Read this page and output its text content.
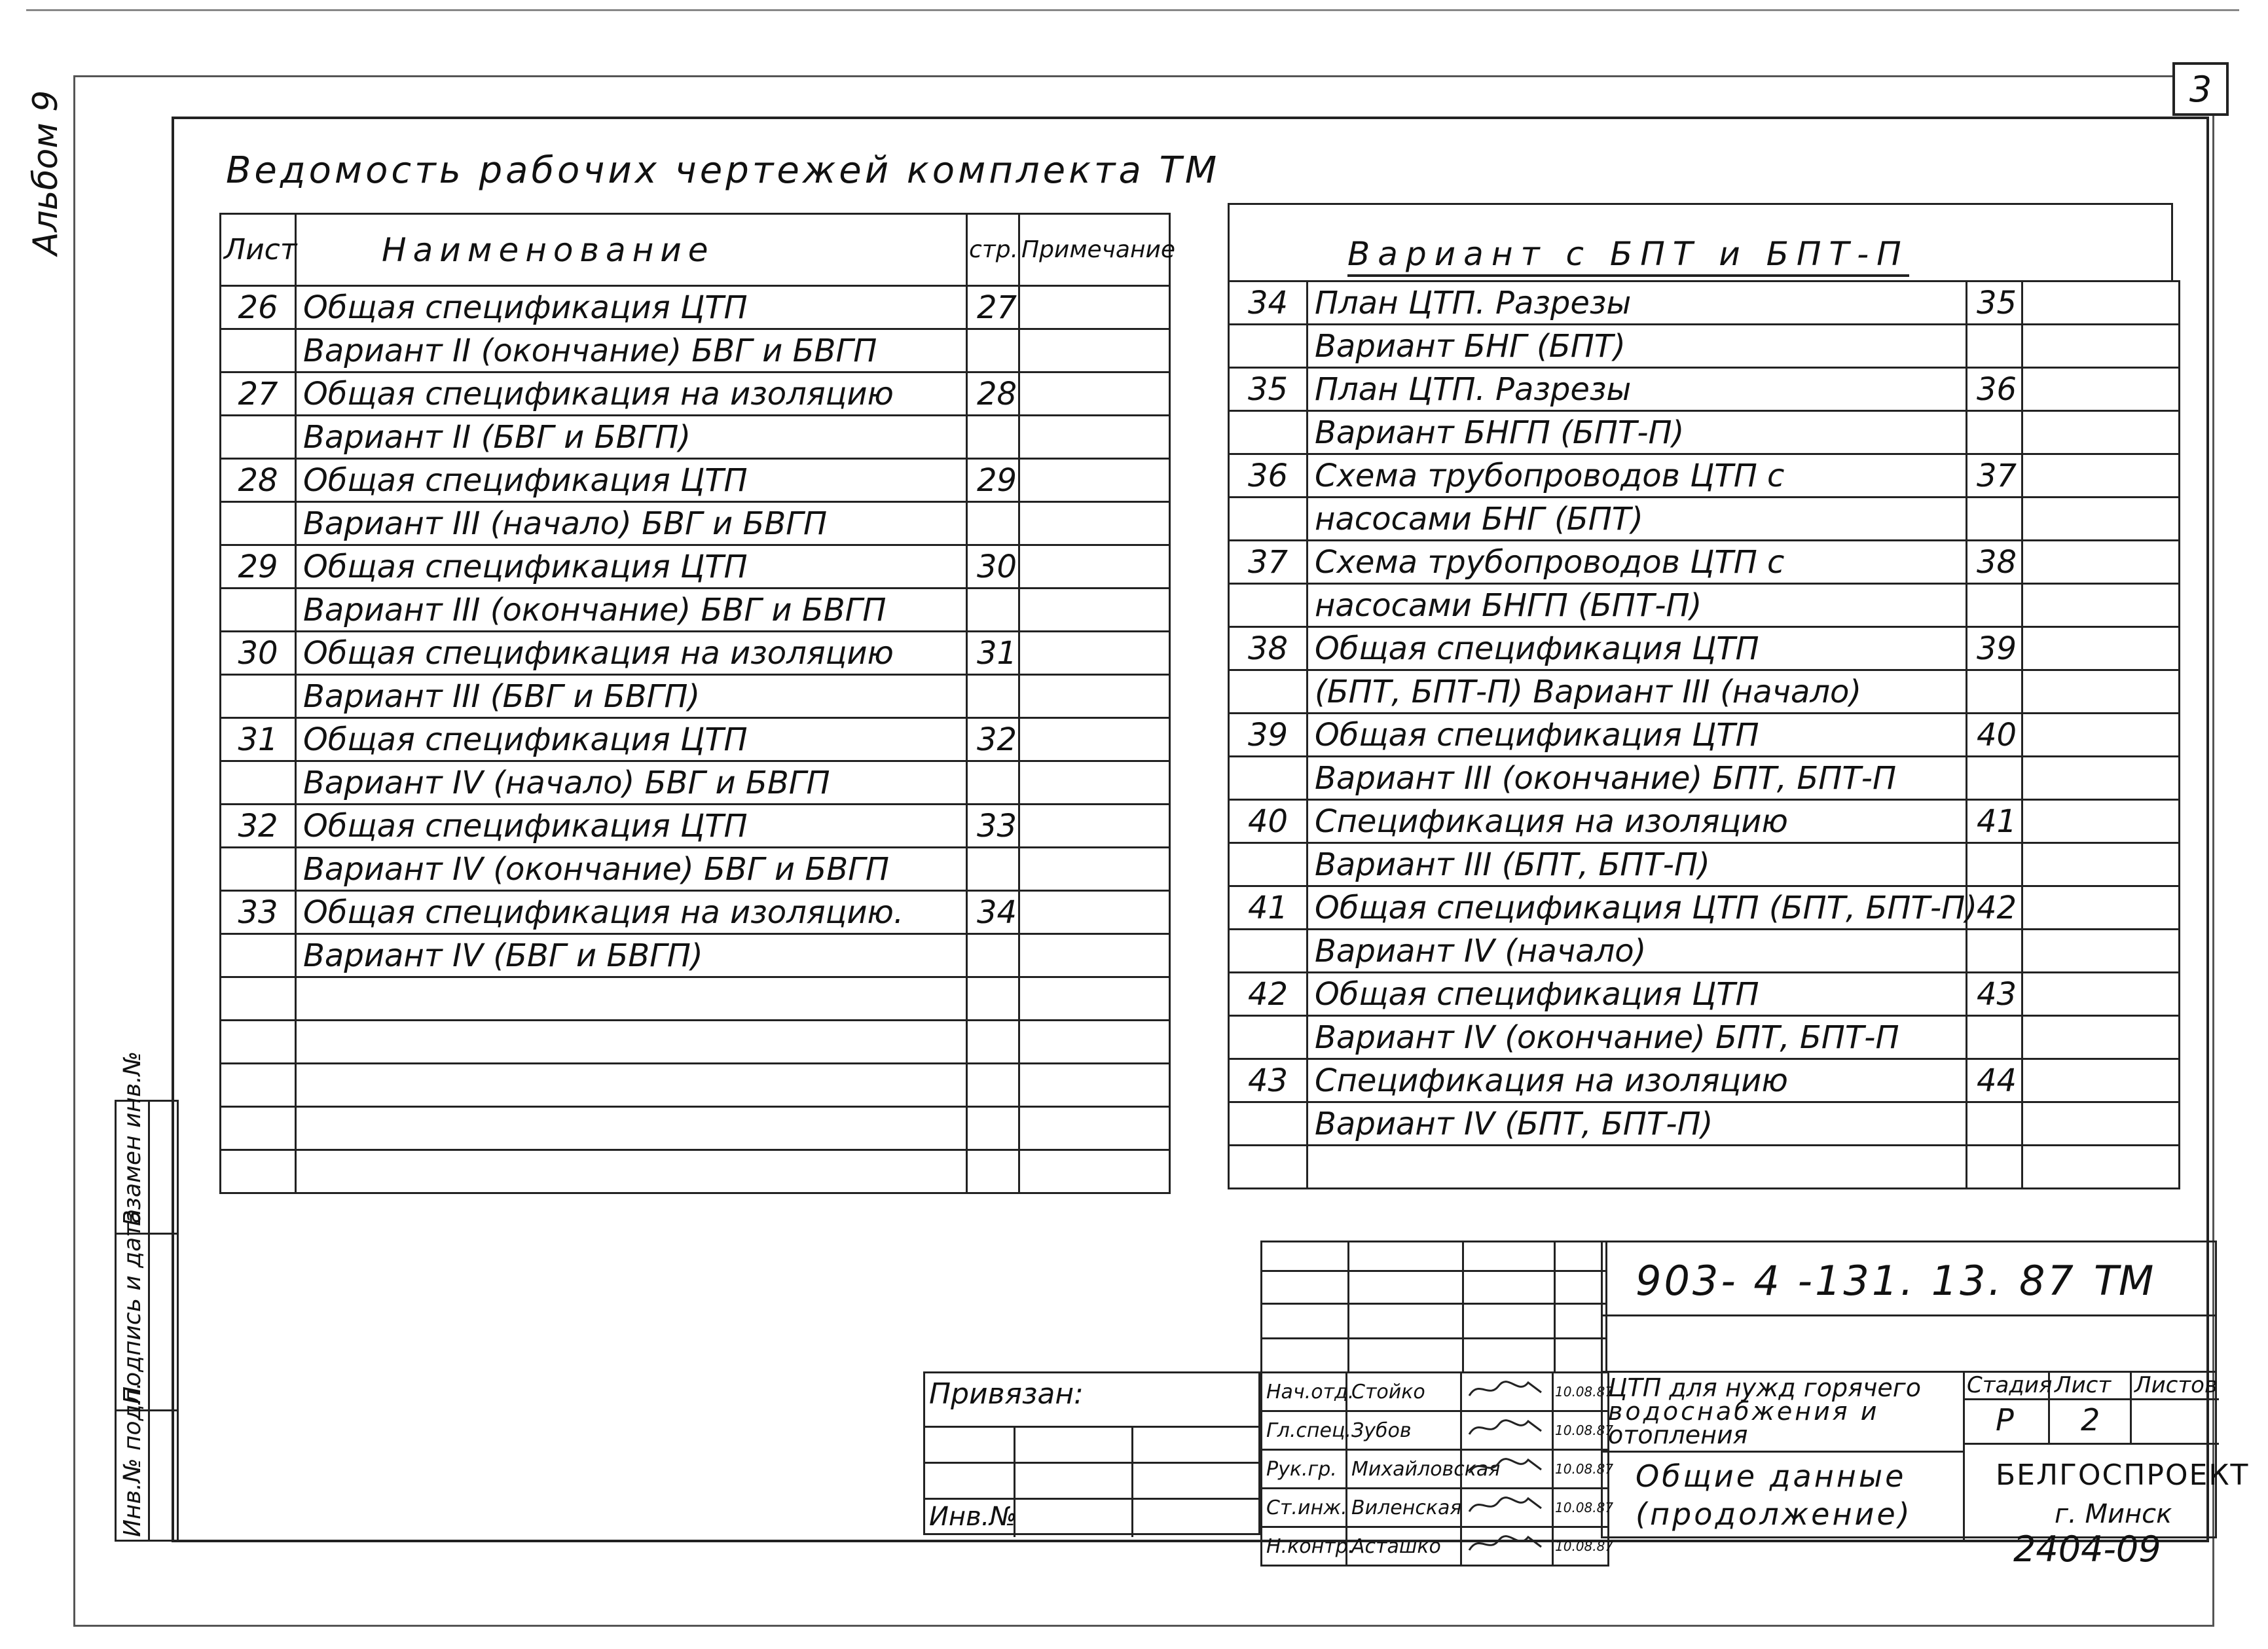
3
Альбом 9	Ведомость рабочих чертежей комплекта ТМ
Лист	Наименование	стр.	Примечание
26	Общая спецификация ЦТП	27	
	Вариант II (окончание) БВГ и БВГП		
27	Общая спецификация на изоляцию	28	
	Вариант II (БВГ и БВГП)		
28	Общая спецификация ЦТП	29	
	Вариант III (начало) БВГ и БВГП		
29	Общая спецификация ЦТП	30	
	Вариант III (окончание) БВГ и БВГП		
30	Общая спецификация на изоляцию	31	
	Вариант III (БВГ и БВГП)		
31	Общая спецификация ЦТП	32	
	Вариант IV (начало) БВГ и БВГП		
32	Общая спецификация ЦТП	33	
	Вариант IV (окончание) БВГ и БВГП		
33	Общая спецификация на изоляцию.	34	
	Вариант IV (БВГ и БВГП)		

Вариант с БПТ и БПТ-П
34	План ЦТП. Разрезы	35	
	Вариант БНГ (БПТ)		
35	План ЦТП. Разрезы	36	
	Вариант БНГП (БПТ-П)		
36	Схема трубопроводов ЦТП с	37	
	насосами БНГ (БПТ)		
37	Схема трубопроводов ЦТП с	38	
	насосами БНГП (БПТ-П)		
38	Общая спецификация ЦТП	39	
	(БПТ, БПТ-П) Вариант III (начало)		
39	Общая спецификация ЦТП	40	
	Вариант III (окончание) БПТ, БПТ-П		
40	Спецификация на изоляцию	41	
	Вариант III (БПТ, БПТ-П)		
41	Общая спецификация ЦТП (БПТ, БПТ-П)	42	
	Вариант IV (начало)		
42	Общая спецификация ЦТП	43	
	Вариант IV (окончание) БПТ, БПТ-П		
43	Спецификация на изоляцию	44	
	Вариант IV (БПТ, БПТ-П)		

Взамен инв.№
Подпись и дата
Инв.№ подл.	Привязан:
Инв.№
Нач.отд.	Стойко		10.08.87
Гл.спец.	Зубов		10.08.87
Рук.гр.	Михайловская		10.08.87
Ст.инж.	Виленская		10.08.87
Н.контр.	Асташко		10.08.87
903- 4 -131. 13. 87 ТМ
ЦТП для нужд горячего
водоснабжения и
отопления
Общие данные
(продолжение)
Стадия Лист Листов
Р 2
БЕЛГОСПРОЕКТ
г. Минск
2404-09
